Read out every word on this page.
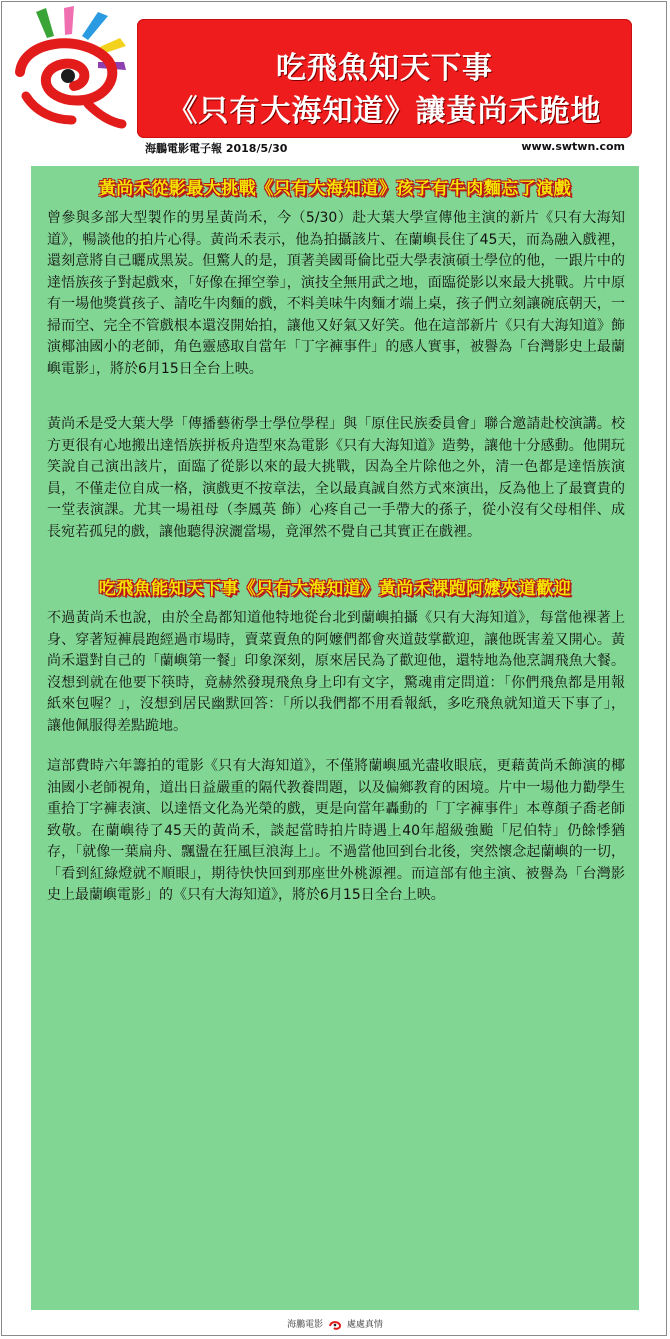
吃飛魚知天下事
《只有大海知道》讓黃尚禾跪地
海鵬電影電子報 2018/5/30	www.swtwn.com
黃尚禾從影最大挑戰《只有大海知道》孩子有牛肉麵忘了演戲

曾參與多部大型製作的男星黃尚禾，今（5/30）赴大葉大學宣傳他主演的新片《只有大海知道》，暢談他的拍片心得。黃尚禾表示，他為拍攝該片、在蘭嶼長住了45天，而為融入戲裡，還刻意將自己曬成黑炭。但驚人的是，頂著美國哥倫比亞大學表演碩士學位的他，一跟片中的達悟族孩子對起戲來，「好像在揮空拳」，演技全無用武之地，面臨從影以來最大挑戰。片中原有一場他獎賞孩子、請吃牛肉麵的戲，不料美味牛肉麵才端上桌，孩子們立刻讓碗底朝天，一掃而空、完全不管戲根本還沒開始拍，讓他又好氣又好笑。他在這部新片《只有大海知道》飾演椰油國小的老師，角色靈感取自當年「丁字褲事件」的感人實事，被譽為「台灣影史上最蘭嶼電影」，將於6月15日全台上映。

黃尚禾是受大葉大學「傳播藝術學士學位學程」與「原住民族委員會」聯合邀請赴校演講。校方更很有心地搬出達悟族拼板舟造型來為電影《只有大海知道》造勢，讓他十分感動。他開玩笑說自己演出該片，面臨了從影以來的最大挑戰，因為全片除他之外，清一色都是達悟族演員，不僅走位自成一格，演戲更不按章法，全以最真誠自然方式來演出，反為他上了最寶貴的一堂表演課。尤其一場祖母（李鳳英 飾）心疼自己一手帶大的孫子，從小沒有父母相伴、成長宛若孤兒的戲，讓他聽得淚灑當場，竟渾然不覺自己其實正在戲裡。

吃飛魚能知天下事《只有大海知道》黃尚禾裸跑阿嬤夾道歡迎

不過黃尚禾也說，由於全島都知道他特地從台北到蘭嶼拍攝《只有大海知道》，每當他裸著上身、穿著短褲晨跑經過市場時，賣菜賣魚的阿嬤們都會夾道鼓掌歡迎，讓他既害羞又開心。黃尚禾還對自己的「蘭嶼第一餐」印象深刻，原來居民為了歡迎他，還特地為他烹調飛魚大餐。沒想到就在他要下筷時，竟赫然發現飛魚身上印有文字，驚魂甫定問道：「你們飛魚都是用報紙來包喔？」，沒想到居民幽默回答：「所以我們都不用看報紙，多吃飛魚就知道天下事了」，讓他佩服得差點跪地。

這部費時六年籌拍的電影《只有大海知道》，不僅將蘭嶼風光盡收眼底，更藉黃尚禾飾演的椰油國小老師視角，道出日益嚴重的隔代教養問題，以及偏鄉教育的困境。片中一場他力勸學生重拾丁字褲表演、以達悟文化為光榮的戲，更是向當年轟動的「丁字褲事件」本尊顏子喬老師致敬。在蘭嶼待了45天的黃尚禾，談起當時拍片時遇上40年超級強颱「尼伯特」仍餘悸猶存，「就像一葉扁舟、飄盪在狂風巨浪海上」。不過當他回到台北後，突然懷念起蘭嶼的一切，「看到紅綠燈就不順眼」，期待快快回到那座世外桃源裡。而這部有他主演、被譽為「台灣影史上最蘭嶼電影」的《只有大海知道》，將於6月15日全台上映。

海鵬電影	處處真情
